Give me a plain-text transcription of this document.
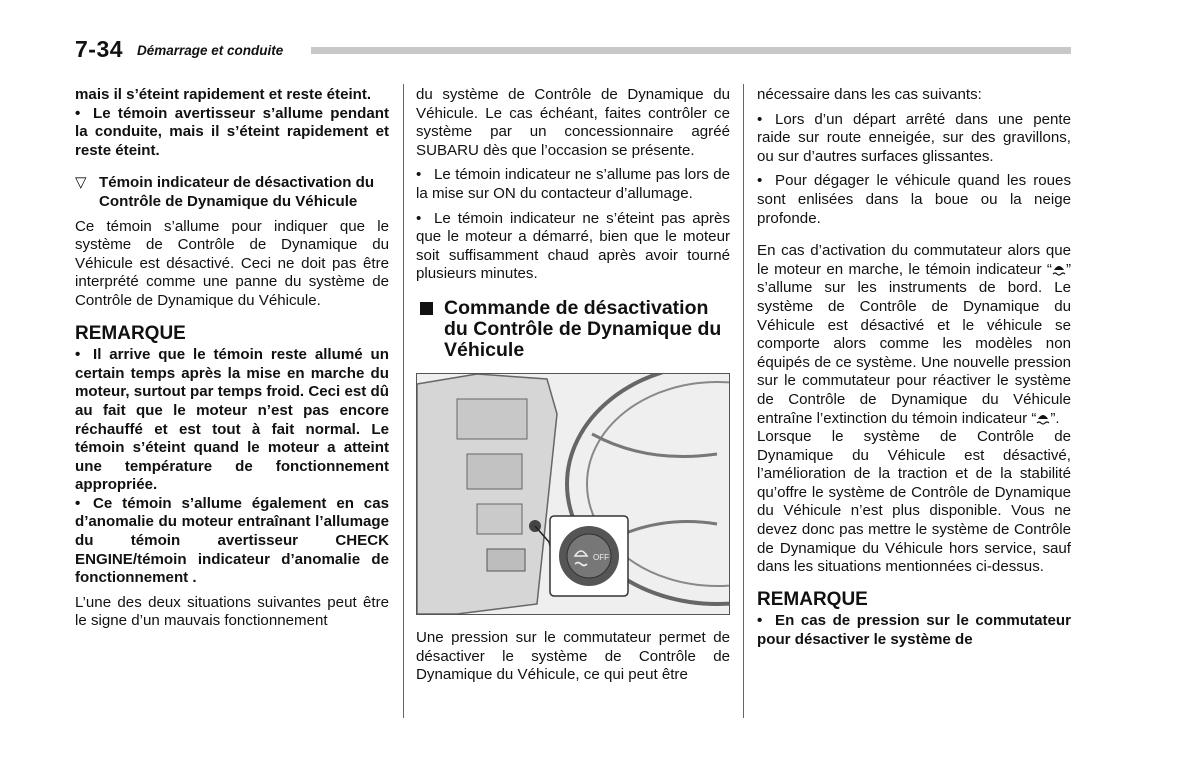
7-34 Démarrage et conduite

mais il s’éteint rapidement et reste éteint.

• Le témoin avertisseur s’allume pendant la conduite, mais il s’éteint rapidement et reste éteint.

▽ Témoin indicateur de désactivation du Contrôle de Dynamique du Véhicule

Ce témoin s’allume pour indiquer que le système de Contrôle de Dynamique du Véhicule est désactivé. Ceci ne doit pas être interprété comme une panne du système de Contrôle de Dynamique du Véhicule.

REMARQUE

• Il arrive que le témoin reste allumé un certain temps après la mise en marche du moteur, surtout par temps froid. Ceci est dû au fait que le moteur n’est pas encore réchauffé et est tout à fait normal. Le témoin s’éteint quand le moteur a atteint une température de fonctionnement appropriée.

• Ce témoin s’allume également en cas d’anomalie du moteur entraînant l’allumage du témoin avertisseur CHECK ENGINE/témoin indicateur d’anomalie de fonctionnement .

L’une des deux situations suivantes peut être le signe d’un mauvais fonctionnement

du système de Contrôle de Dynamique du Véhicule. Le cas échéant, faites contrôler ce système par un concessionnaire agréé SUBARU dès que l’occasion se présente.

• Le témoin indicateur ne s’allume pas lors de la mise sur ON du contacteur d’allumage.

• Le témoin indicateur ne s’éteint pas après que le moteur a démarré, bien que le moteur soit suffisamment chaud après avoir tourné plusieurs minutes.

Commande de désactivation du Contrôle de Dynamique du Véhicule
OFF

Une pression sur le commutateur permet de désactiver le système de Contrôle de Dynamique du Véhicule, ce qui peut être

nécessaire dans les cas suivants:

• Lors d’un départ arrêté dans une pente raide sur route enneigée, sur des gravillons, ou sur d’autres surfaces glissantes.

• Pour dégager le véhicule quand les roues sont enlisées dans la boue ou la neige profonde.

En cas d’activation du commutateur alors que le moteur en marche, le témoin indicateur “ ” s’allume sur les instruments de bord. Le système de Contrôle de Dynamique du Véhicule est désactivé et le véhicule se comporte alors comme les modèles non équipés de ce système. Une nouvelle pression sur le commutateur pour réactiver le système de Contrôle de Dynamique du Véhicule entraîne l’extinction du témoin indicateur “ ”.

Lorsque le système de Contrôle de Dynamique du Véhicule est désactivé, l’amélioration de la traction et de la stabilité qu’offre le système de Contrôle de Dynamique du Véhicule n’est plus disponible. Vous ne devez donc pas mettre le système de Contrôle de Dynamique du Véhicule hors service, sauf dans les situations mentionnées ci-dessus.

REMARQUE

• En cas de pression sur le commutateur pour désactiver le système de
